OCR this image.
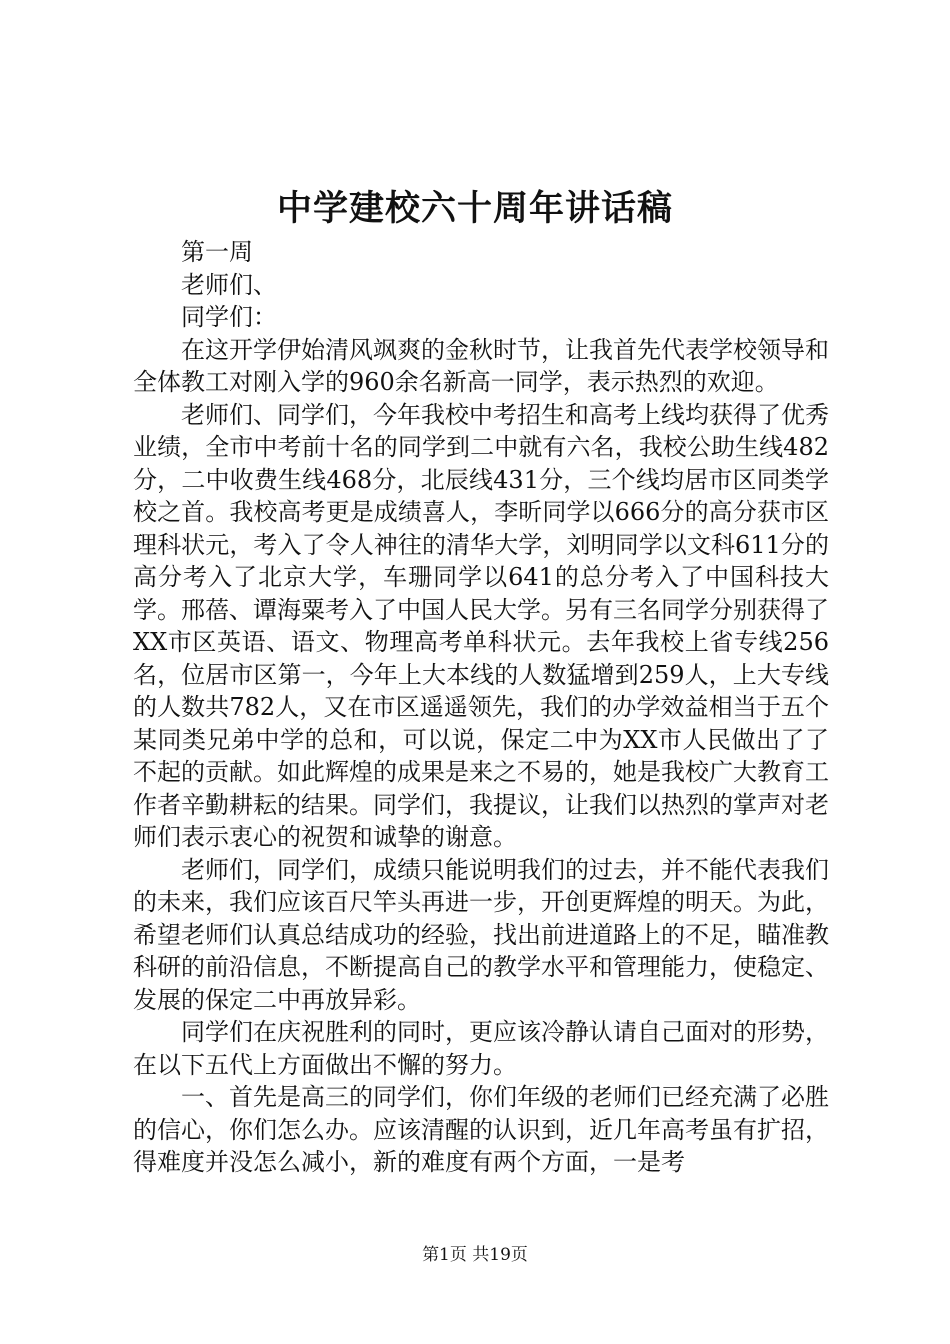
中学建校六十周年讲话稿

第一周

老师们、

同学们：

在这开学伊始清风飒爽的金秋时节，让我首先代表学校领导和全体教工对刚入学的960余名新高一同学，表示热烈的欢迎。

老师们、同学们，今年我校中考招生和高考上线均获得了优秀业绩，全市中考前十名的同学到二中就有六名，我校公助生线482分，二中收费生线468分，北辰线431分，三个线均居市区同类学校之首。我校高考更是成绩喜人，李昕同学以666分的高分获市区理科状元，考入了令人神往的清华大学，刘明同学以文科611分的高分考入了北京大学，车珊同学以641的总分考入了中国科技大学。邢蓓、谭海粟考入了中国人民大学。另有三名同学分别获得了XX市区英语、语文、物理高考单科状元。去年我校上省专线256名，位居市区第一，今年上大本线的人数猛增到259人，上大专线的人数共782人，又在市区遥遥领先，我们的办学效益相当于五个某同类兄弟中学的总和，可以说，保定二中为XX市人民做出了了不起的贡献。如此辉煌的成果是来之不易的，她是我校广大教育工作者辛勤耕耘的结果。同学们，我提议，让我们以热烈的掌声对老师们表示衷心的祝贺和诚挚的谢意。

老师们，同学们，成绩只能说明我们的过去，并不能代表我们的未来，我们应该百尺竿头再进一步，开创更辉煌的明天。为此，希望老师们认真总结成功的经验，找出前进道路上的不足，瞄准教科研的前沿信息，不断提高自己的教学水平和管理能力，使稳定、发展的保定二中再放异彩。

同学们在庆祝胜利的同时，更应该冷静认请自己面对的形势，在以下五代上方面做出不懈的努力。

一、首先是高三的同学们，你们年级的老师们已经充满了必胜的信心，你们怎么办。应该清醒的认识到，近几年高考虽有扩招，得难度并没怎么减小，新的难度有两个方面，一是考

第1页 共19页
